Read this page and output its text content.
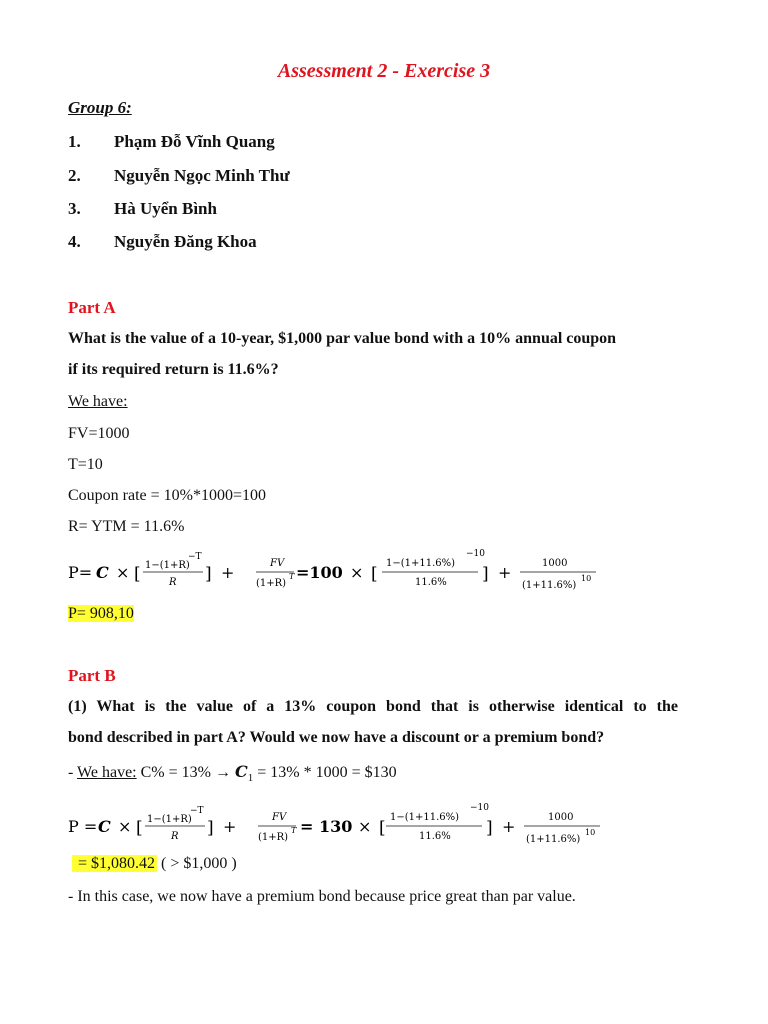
Assessment 2 - Exercise 3
Group 6:
1. Phạm Đỗ Vĩnh Quang
2. Nguyễn Ngọc Minh Thư
3. Hà Uyển Bình
4. Nguyễn Đăng Khoa
Part A
What is the value of a 10-year, $1,000 par value bond with a 10% annual coupon
if its required return is 11.6%?
We have:
FV=1000
T=10
Coupon rate = 10%*1000=100
R= YTM = 11.6%
P= C × [ 1−(1+R)
−T
R ] +	FV
(1+R)
T =100 × [
1−(1+11.6%)
−10
11.6% ] +	1000
(1+11.6%)
10
P= 908,10
Part B
(1) What is the value of a 13% coupon bond that is otherwise identical to the
bond described in part A? Would we now have a discount or a premium bond?
- We have: $C\% = 13\% \to C_1 = 13\% * 1000$ = $130
P = C × [ 1−(1+R)
−T
R ] +	FV
(1+R)
T = 130 × [
1−(1+11.6%)
−10
11.6% ] +	1000
(1+11.6%)
10
= $1,080.42 ( > $1,000 )
- In this case, we now have a premium bond because price great than par value.
